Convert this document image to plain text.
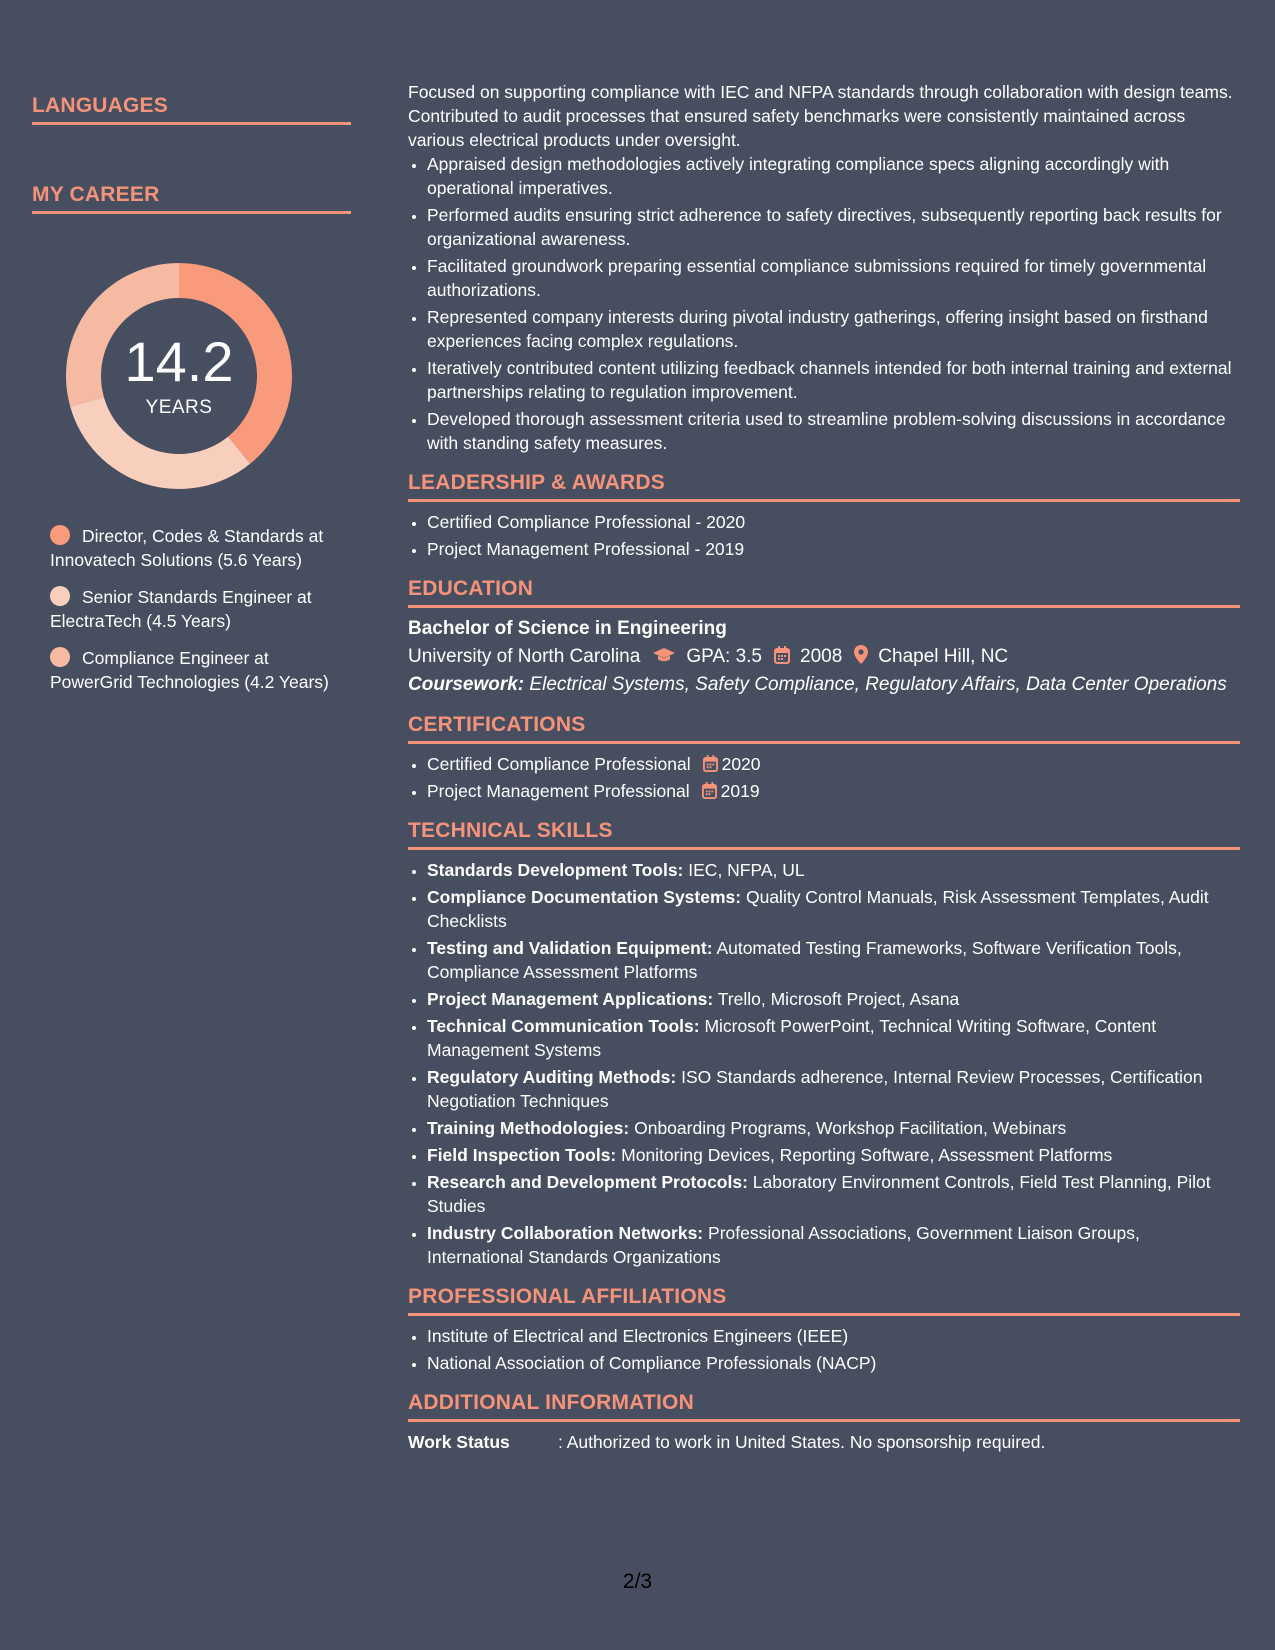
LANGUAGES
MY CAREER
14.2
YEARS
Director, Codes & Standards at Innovatech Solutions (5.6 Years)
Senior Standards Engineer at ElectraTech (4.5 Years)
Compliance Engineer at PowerGrid Technologies (4.2 Years)

Focused on supporting compliance with IEC and NFPA standards through collaboration with design teams. Contributed to audit processes that ensured safety benchmarks were consistently maintained across various electrical products under oversight.

• Appraised design methodologies actively integrating compliance specs aligning accordingly with operational imperatives.
• Performed audits ensuring strict adherence to safety directives, subsequently reporting back results for organizational awareness.
• Facilitated groundwork preparing essential compliance submissions required for timely governmental authorizations.
• Represented company interests during pivotal industry gatherings, offering insight based on firsthand experiences facing complex regulations.
• Iteratively contributed content utilizing feedback channels intended for both internal training and external partnerships relating to regulation improvement.
• Developed thorough assessment criteria used to streamline problem-solving discussions in accordance with standing safety measures.
LEADERSHIP & AWARDS
• Certified Compliance Professional - 2020
• Project Management Professional - 2019
EDUCATION
Bachelor of Science in Engineering
University of North Carolina GPA: 3.5 2008 Chapel Hill, NC
Coursework: Electrical Systems, Safety Compliance, Regulatory Affairs, Data Center Operations
CERTIFICATIONS
• Certified Compliance Professional 2020
• Project Management Professional 2019
TECHNICAL SKILLS
• Standards Development Tools: IEC, NFPA, UL
• Compliance Documentation Systems: Quality Control Manuals, Risk Assessment Templates, Audit Checklists
• Testing and Validation Equipment: Automated Testing Frameworks, Software Verification Tools, Compliance Assessment Platforms
• Project Management Applications: Trello, Microsoft Project, Asana
• Technical Communication Tools: Microsoft PowerPoint, Technical Writing Software, Content Management Systems
• Regulatory Auditing Methods: ISO Standards adherence, Internal Review Processes, Certification Negotiation Techniques
• Training Methodologies: Onboarding Programs, Workshop Facilitation, Webinars
• Field Inspection Tools: Monitoring Devices, Reporting Software, Assessment Platforms
• Research and Development Protocols: Laboratory Environment Controls, Field Test Planning, Pilot Studies
• Industry Collaboration Networks: Professional Associations, Government Liaison Groups, International Standards Organizations
PROFESSIONAL AFFILIATIONS
• Institute of Electrical and Electronics Engineers (IEEE)
• National Association of Compliance Professionals (NACP)
ADDITIONAL INFORMATION
Work Status	: Authorized to work in United States. No sponsorship required.
2/3
